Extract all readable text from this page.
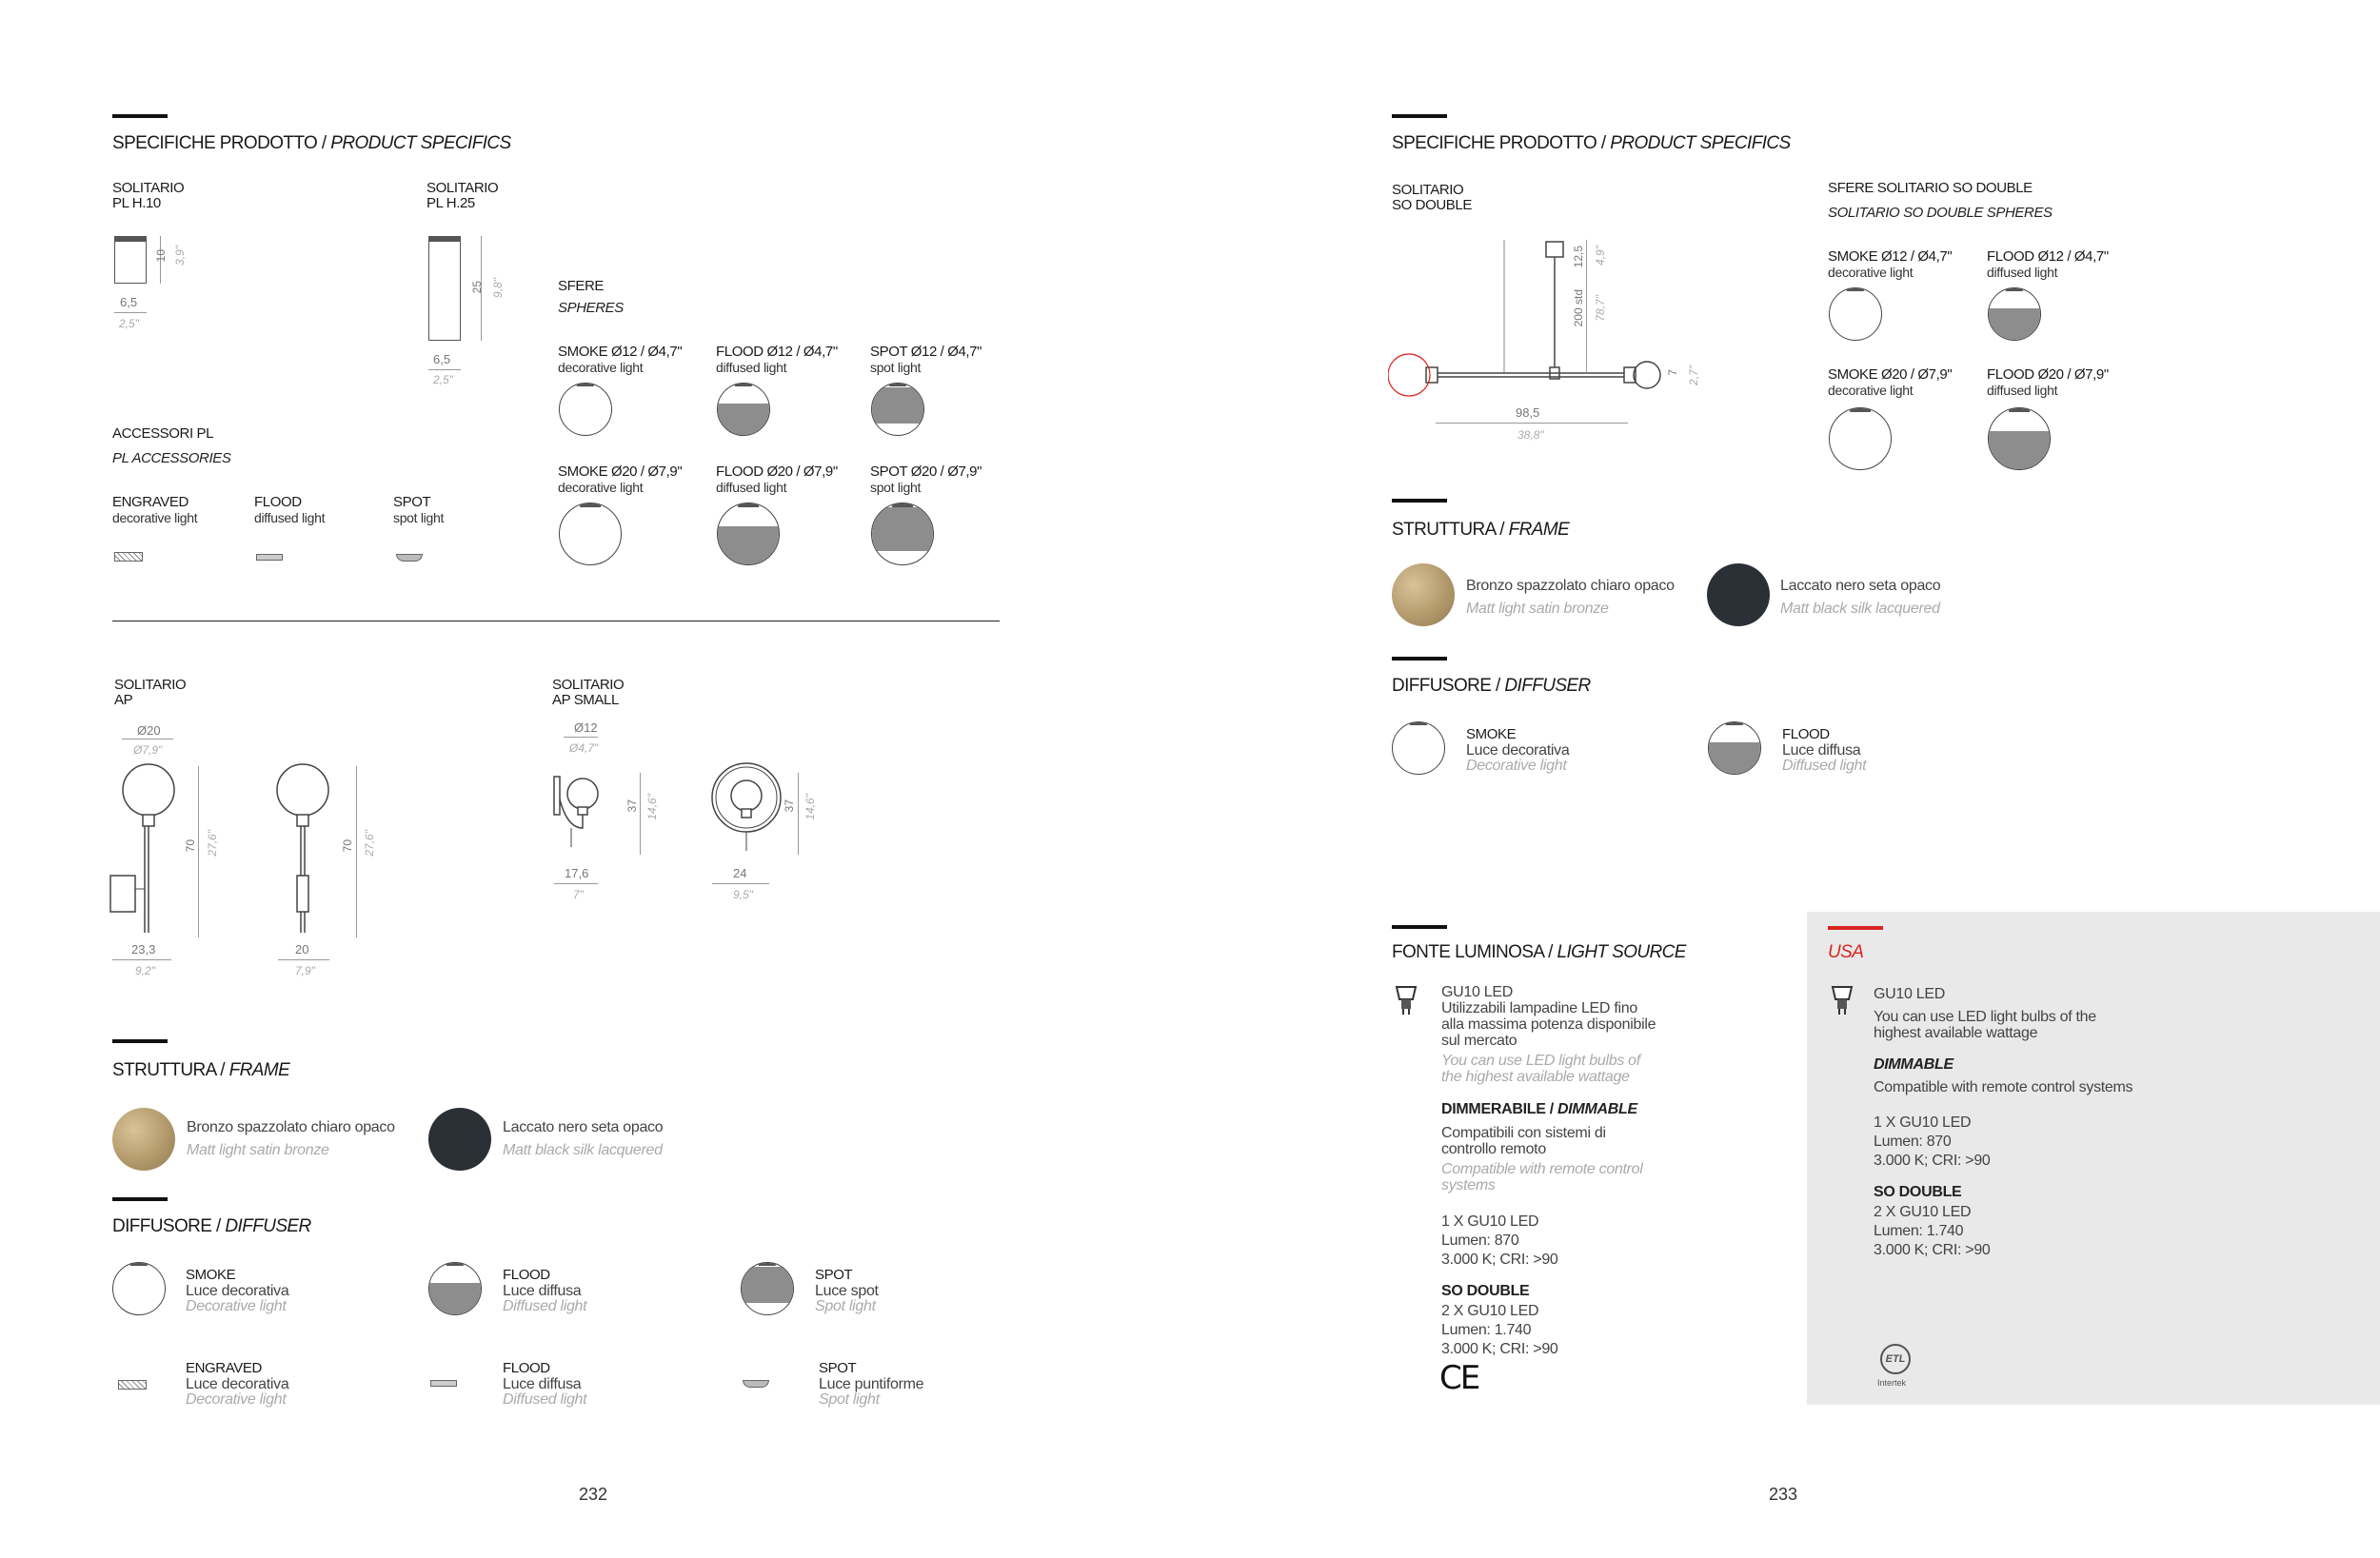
SPECIFICHE PRODOTTO / PRODUCT SPECIFICS
SOLITARIO
PL H.10
10 3,9"
6,5
2,5"
SOLITARIO
PL H.25
25 9,8"
6,5
2,5"
SFERE
SPHERES
SMOKE Ø12 / Ø4,7"
decorative light
FLOOD Ø12 / Ø4,7"
diffused light
SPOT Ø12 / Ø4,7"
spot light
SMOKE Ø20 / Ø7,9"
decorative light
FLOOD Ø20 / Ø7,9"
diffused light
SPOT Ø20 / Ø7,9"
spot light
ACCESSORI PL
PL ACCESSORIES
ENGRAVED
decorative light
FLOOD
diffused light
SPOT
spot light
SOLITARIO
AP
Ø20
Ø7,9"
70 27,6"
23,3
9,2"
70 27,6"
20
7,9"
SOLITARIO
AP SMALL
Ø12
Ø4,7"
37 14,6"
17,6
7"
37 14,6"
24
9,5"
STRUTTURA / FRAME
Bronzo spazzolato chiaro opaco
Matt light satin bronze
Laccato nero seta opaco
Matt black silk lacquered
DIFFUSORE / DIFFUSER
SMOKE
Luce decorativa
Decorative light
FLOOD
Luce diffusa
Diffused light
SPOT
Luce spot
Spot light
ENGRAVED
Luce decorativa
Decorative light
FLOOD
Luce diffusa
Diffused light
SPOT
Luce puntiforme
Spot light
232
SPECIFICHE PRODOTTO / PRODUCT SPECIFICS
SOLITARIO
SO DOUBLE
12,5 4,9"
200 std 78,7"
7 2,7"
98,5
38,8"
SFERE SOLITARIO SO DOUBLE
SOLITARIO SO DOUBLE SPHERES
SMOKE Ø12 / Ø4,7"
decorative light
FLOOD Ø12 / Ø4,7"
diffused light
SMOKE Ø20 / Ø7,9"
decorative light
FLOOD Ø20 / Ø7,9"
diffused light
STRUTTURA / FRAME
Bronzo spazzolato chiaro opaco
Matt light satin bronze
Laccato nero seta opaco
Matt black silk lacquered
DIFFUSORE / DIFFUSER
SMOKE
Luce decorativa
Decorative light
FLOOD
Luce diffusa
Diffused light
FONTE LUMINOSA / LIGHT SOURCE
GU10 LED
Utilizzabili lampadine LED fino
alla massima potenza disponibile
sul mercato
You can use LED light bulbs of
the highest available wattage
DIMMERABILE / DIMMABLE
Compatibili con sistemi di
controllo remoto
Compatible with remote control
systems
1 X GU10 LED
Lumen: 870
3.000 K; CRI: >90
SO DOUBLE
2 X GU10 LED
Lumen: 1.740
3.000 K; CRI: >90
CE
USA
GU10 LED
You can use LED light bulbs of the
highest available wattage
DIMMABLE
Compatible with remote control systems
1 X GU10 LED
Lumen: 870
3.000 K; CRI: >90
SO DOUBLE
2 X GU10 LED
Lumen: 1.740
3.000 K; CRI: >90
ETL
Intertek
233
